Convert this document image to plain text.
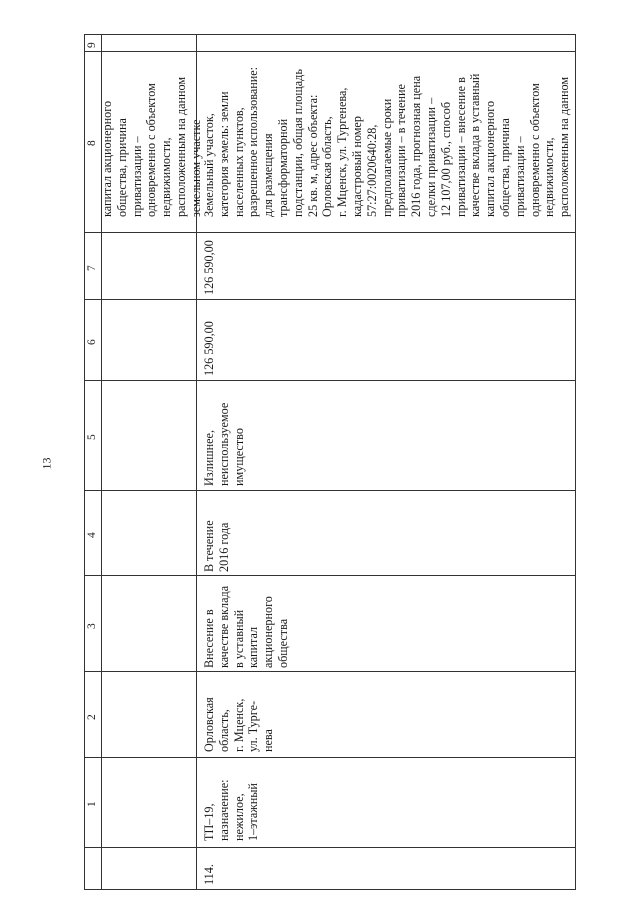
13
9
8
7
6
5
4
3
2
1
капитал акционерного
общества, причина
приватизации –
одновременно с объектом
недвижимости,
расположенным на данном
земельном участке
114.
ТП–19,
назначение:
нежилое,
1–этажный
Орловская
область,
г. Мценск,
ул. Турге-
нева
Внесение в
качестве вклада
в уставный
капитал
акционерного
общества
В течение
2016 года
Излишнее,
неиспользуемое
имущество
126 590,00
126 590,00
Земельный участок,
категория земель: земли
населенных пунктов,
разрешенное использование:
для размещения
трансформаторной
подстанции, общая площадь
25 кв. м, адрес объекта:
Орловская область,
г. Мценск, ул. Тургенева,
кадастровый номер
57:27:0020640:28,
предполагаемые сроки
приватизации – в течение
2016 года, прогнозная цена
сделки приватизации –
12 107,00 руб., способ
приватизации – внесение в
качестве вклада в уставный
капитал акционерного
общества, причина
приватизации –
одновременно с объектом
недвижимости,
расположенным на данном
